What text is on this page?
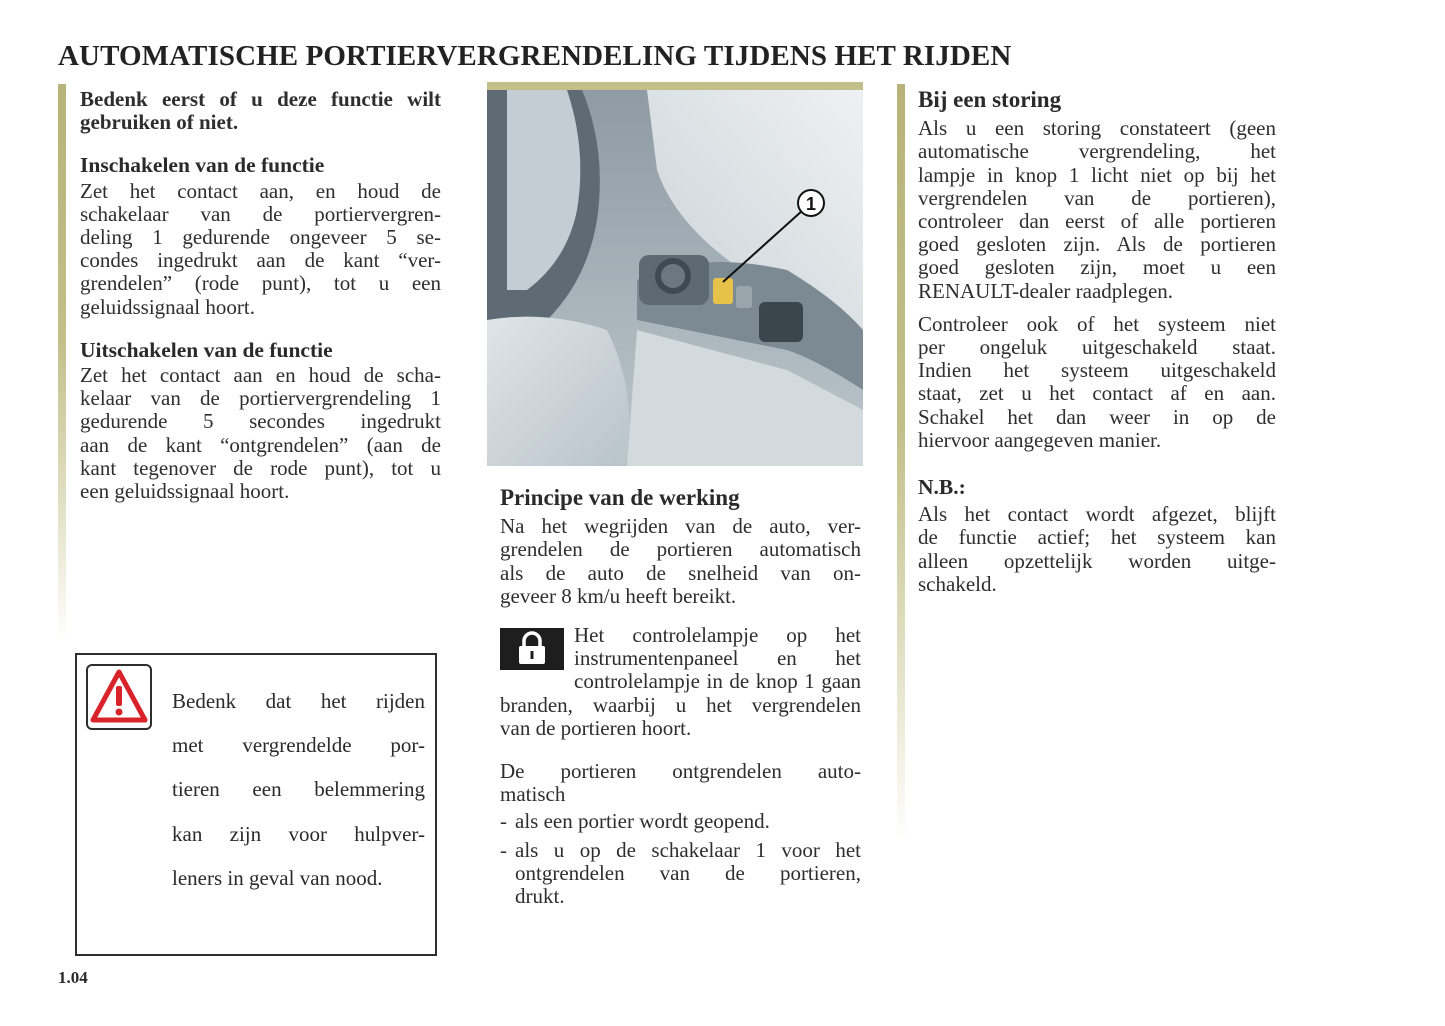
AUTOMATISCHE PORTIERVERGRENDELING TIJDENS HET RIJDEN
Bedenk eerst of u deze functie wilt gebruiken of niet.
Inschakelen van de functie

Zet het contact aan, en houd de

schakelaar van de portiervergren-

deling 1 gedurende ongeveer 5 se-

condes ingedrukt aan de kant “ver-

grendelen” (rode punt), tot u een

geluidssignaal hoort.

Uitschakelen van de functie

Zet het contact aan en houd de scha-

kelaar van de portiervergrendeling 1

gedurende 5 secondes ingedrukt

aan de kant “ontgrendelen” (aan de

kant tegenover de rode punt), tot u

een geluidssignaal hoort.

Bedenk dat het rijden

met vergrendelde por-

tieren een belemmering

kan zijn voor hulpver-

leners in geval van nood.

1
Principe van de werking

Na het wegrijden van de auto, ver-

grendelen de portieren automatisch

als de auto de snelheid van on-

geveer 8 km/u heeft bereikt.

Het controlelampje op het

instrumentenpaneel en het

controlelampje in de knop 1 gaan

branden, waarbij u het vergrendelen

van de portieren hoort.

De portieren ontgrendelen auto-

matisch

- als een portier wordt geopend.

- als u op de schakelaar 1 voor het

ontgrendelen van de portieren,

drukt.

Bij een storing

Als u een storing constateert (geen

automatische vergrendeling, het

lampje in knop 1 licht niet op bij het

vergrendelen van de portieren),

controleer dan eerst of alle portieren

goed gesloten zijn. Als de portieren

goed gesloten zijn, moet u een

RENAULT-dealer raadplegen.

Controleer ook of het systeem niet

per ongeluk uitgeschakeld staat.

Indien het systeem uitgeschakeld

staat, zet u het contact af en aan.

Schakel het dan weer in op de

hiervoor aangegeven manier.

N.B.:

Als het contact wordt afgezet, blijft

de functie actief; het systeem kan

alleen opzettelijk worden uitge-

schakeld.

1.04
